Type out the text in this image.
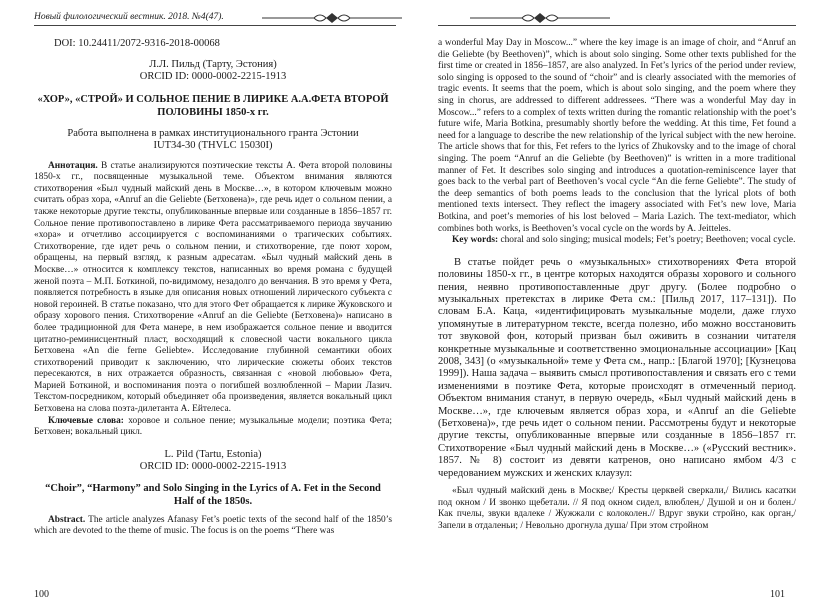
Новый филологический вестник. 2018. №4(47).

DOI: 10.24411/2072-9316-2018-00068

Л.Л. Пильд (Тарту, Эстония)

ORCID ID: 0000-0002-2215-1913

«ХОР», «СТРОЙ» И СОЛЬНОЕ ПЕНИЕ В ЛИРИКЕ А.А.ФЕТА ВТОРОЙ ПОЛОВИНЫ 1850-х гг.

Работа выполнена в рамках институционального гранта Эстонии
IUT34-30 (THVLC 15030I)

Аннотация. В статье анализируются поэтические тексты А. Фета второй половины 1850-х гг., посвященные музыкальной теме. Объектом внимания являются стихотворения «Был чудный майский день в Москве…», в котором ключевым можно считать образ хора, «Anruf an die Geliebte (Бетховена)», где речь идет о сольном пении, а также некоторые другие тексты, опубликованные впервые или созданные в 1856–1857 гг. Сольное пение противопоставлено в лирике Фета рассматриваемого периода звучанию «хора» и отчетливо ассоциируется с воспоминаниями о трагических событиях. Стихотворение, где идет речь о сольном пении, и стихотворение, где поют хором, обращены, на первый взгляд, к разным адресатам. «Был чудный майский день в Москве…» относится к комплексу текстов, написанных во время романа с будущей женой поэта – М.П. Боткиной, по-видимому, незадолго до венчания. В это время у Фета, появляется потребность в языке для описания новых отношений лирического субъекта с новой героиней. В статье показано, что для этого Фет обращается к лирике Жуковского и образу хорового пения. Стихотворение «Anruf an die Geliebte (Бетховена)» написано в более традиционной для Фета манере, в нем изображается сольное пение и вводится цитатно-реминисцентный пласт, восходящий к словесной части вокального цикла Бетховена «An die ferne Geliebte». Исследование глубинной семантики обоих стихотворений приводит к заключению, что лирические сюжеты обоих текстов пересекаются, в них отражается образность, связанная с «новой любовью» Фета, Марией Боткиной, и воспоминания поэта о погибшей возлюбленной – Марии Лазич. Текстом-посредником, который объединяет оба произведения, является вокальный цикл Бетховена на слова поэта-дилетанта А. Ейтелеса.

Ключевые слова: хоровое и сольное пение; музыкальные модели; поэтика Фета; Бетховен; вокальный цикл.

L. Pild (Tartu, Estonia)

ORCID ID: 0000-0002-2215-1913

“Choir”, “Harmony” and Solo Singing in the Lyrics of A. Fet in the Second Half of the 1850s.

Abstract. The article analyzes Afanasy Fet’s poetic texts of the second half of the 1850’s which are devoted to the theme of music. The focus is on the poems “There was

100

a wonderful May Day in Moscow...” where the key image is an image of choir, and “Anruf an die Geliebte (by Beethoven)”, which is about solo singing. Some other texts published for the first time or created in 1856–1857, are also analyzed. In Fet’s lyrics of the period under review, solo singing is opposed to the sound of “choir” and is clearly associated with the memories of tragic events. It seems that the poem, which is about solo singing, and the poem where they sing in chorus, are addressed to different addressees. “There was a wonderful May day in Moscow...” refers to a complex of texts written during the romantic relationship with the poet’s future wife, Maria Botkina, presumably shortly before the wedding. At this time, Fet found a need for a language to describe the new relationship of the lyrical subject with the new heroine. The article shows that for this, Fet refers to the lyrics of Zhukovsky and to the image of choral singing. The poem “Anruf an die Geliebte (by Beethoven)” is written in a more traditional manner of Fet. It describes solo singing and introduces a quotation-reminiscence layer that goes back to the verbal part of Beethoven’s vocal cycle “An die ferne Geliebte”. The study of the deep semantics of both poems leads to the conclusion that the lyrical plots of both mentioned texts intersect. They reflect the imagery associated with Fet’s new love, Maria Botkina, and poet’s memories of his lost beloved – Maria Lazich. The text-mediator, which combines both works, is Beethoven’s vocal cycle on the words by A. Jeitteles.

Key words: choral and solo singing; musical models; Fet’s poetry; Beethoven; vocal cycle.

В статье пойдет речь о «музыкальных» стихотворениях Фета второй половины 1850-х гг., в центре которых находятся образы хорового и сольного пения, неявно противопоставленные друг другу. (Более подробно о музыкальных претекстах в лирике Фета см.: [Пильд 2017, 117–131]). По словам Б.А. Каца, «идентифицировать музыкальные модели, даже глухо упомянутые в литературном тексте, всегда полезно, ибо можно восстановить тот звуковой фон, который призван был оживить в сознании читателя конкретные музыкальные и соответственно эмоциональные ассоциации» [Кац 2008, 343] (о «музыкальной» теме у Фета см., напр.: [Благой 1970]; [Кузнецова 1999]). Наша задача – выявить смысл противопоставления и связать его с теми изменениями в поэтике Фета, которые происходят в отмеченный период. Объектом внимания станут, в первую очередь, «Был чудный майский день в Москве…», где ключевым является образ хора, и «Anruf an die Geliebte (Бетховена)», где речь идет о сольном пении. Рассмотрены будут и некоторые другие тексты, опубликованные впервые или созданные в 1856–1857 гг. Стихотворение «Был чудный майский день в Москве…» («Русский вестник». 1857. № 8) состоит из девяти катренов, оно написано ямбом 4/3 с чередованием мужских и женских клаузул:

«Был чудный майский день в Москве;/ Кресты церквей сверкали,/ Вились касатки под окном / И звонко щебетали. // Я под окном сидел, влюблен,/ Душой и он и болен./ Как пчелы, звуки вдалеке / Жужжали с колоколен.// Вдруг звуки стройно, как орган,/ Запели в отдаленьи; / Невольно дрогнула душа/ При этом стройном

101
